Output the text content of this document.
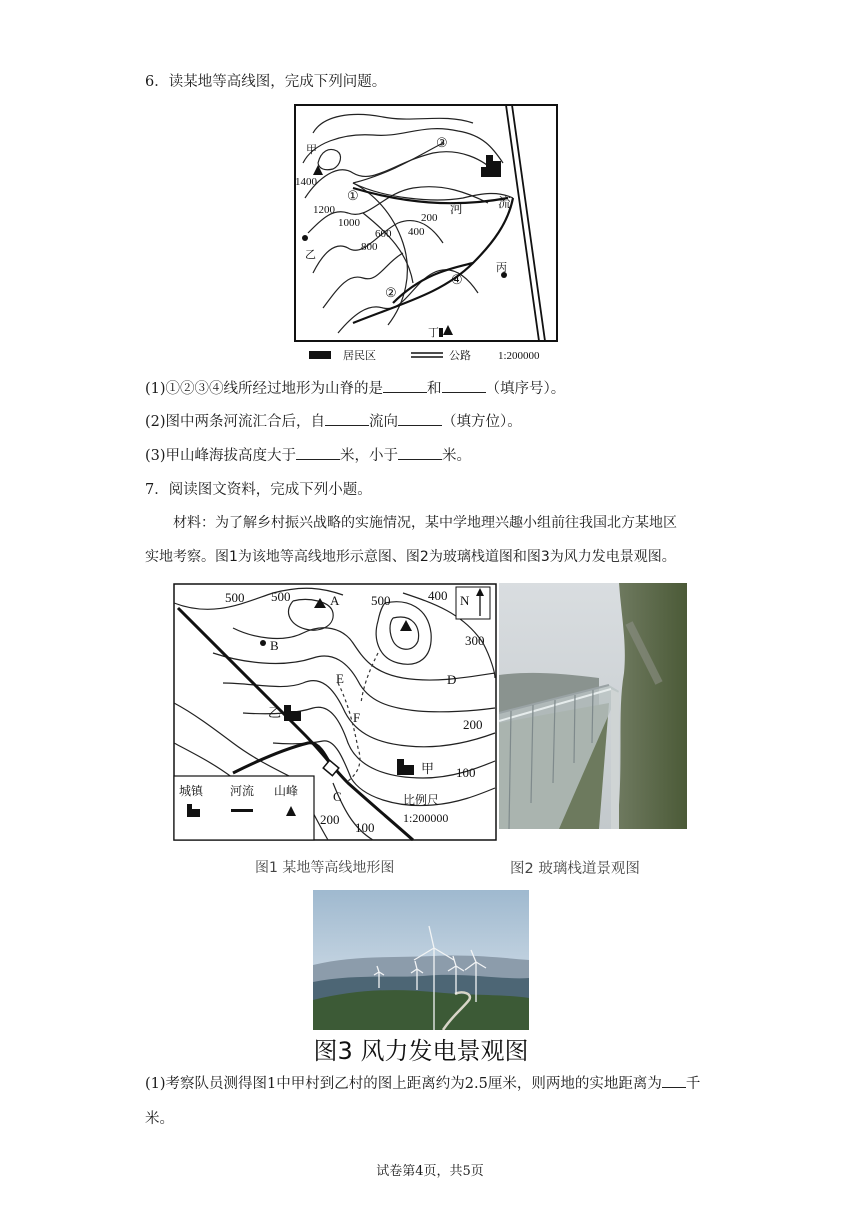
6．读某地等高线图，完成下列问题。
甲
1400
1200
1000
800
600 400
200
河	流
乙
丙
丁
①
②
③
④
居民区	公路 1:200000
(1)①②③④线所经过地形为山脊的是	和	（填序号）。
(2)图中两条河流汇合后，自	流向	（填方位）。
(3)甲山峰海拔高度大于	米，小于	米。
7．阅读图文资料，完成下列小题。
材料：为了解乡村振兴战略的实施情况，某中学地理兴趣小组前往我国北方某地区
实地考察。图1为该地等高线地形示意图、图2为玻璃栈道图和图3为风力发电景观图。
500 500	500	400
300
200
100
200
100
A
B
C
D
E
F
乙
甲
N
城镇 河流 山峰
比例尺
1:200000
图1 某地等高线地形图	图2 玻璃栈道景观图
图3 风力发电景观图
(1)考察队员测得图1中甲村到乙村的图上距离约为2.5厘米，则两地的实地距离为 千
米。
试卷第4页，共5页
